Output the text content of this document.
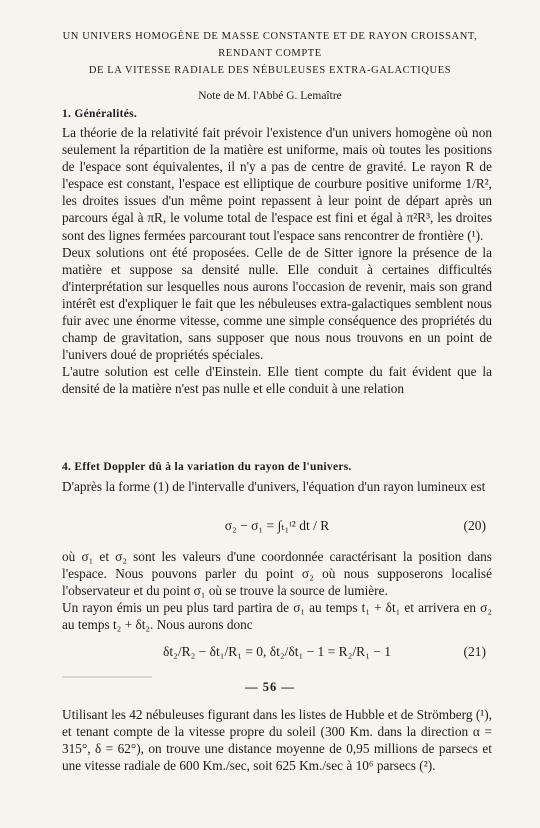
UN UNIVERS HOMOGÈNE DE MASSE CONSTANTE ET DE RAYON CROISSANT,
RENDANT COMPTE
DE LA VITESSE RADIALE DES NÉBULEUSES EXTRA-GALACTIQUES
Note de M. l'Abbé G. Lemaître
1. Généralités.

La théorie de la relativité fait prévoir l'existence d'un univers homogène où non seulement la répartition de la matière est uniforme, mais où toutes les positions de l'espace sont équivalentes, il n'y a pas de centre de gravité. Le rayon R de l'espace est constant, l'espace est elliptique de courbure positive uniforme 1/R², les droites issues d'un même point repassent à leur point de départ après un parcours égal à πR, le volume total de l'espace est fini et égal à π²R³, les droites sont des lignes fermées parcourant tout l'espace sans rencontrer de frontière (¹).

Deux solutions ont été proposées. Celle de de Sitter ignore la présence de la matière et suppose sa densité nulle. Elle conduit à certaines difficultés d'interprétation sur lesquelles nous aurons l'occasion de revenir, mais son grand intérêt est d'expliquer le fait que les nébuleuses extra-galactiques semblent nous fuir avec une énorme vitesse, comme une simple conséquence des propriétés du champ de gravitation, sans supposer que nous nous trouvons en un point de l'univers doué de propriétés spéciales.

L'autre solution est celle d'Einstein. Elle tient compte du fait évident que la densité de la matière n'est pas nulle et elle conduit à une relation

4. Effet Doppler dû à la variation du rayon de l'univers.

D'après la forme (1) de l'intervalle d'univers, l'équation d'un rayon lumineux est

σ₂ − σ₁ = ∫ₜ₁ᵗ² dt / R	(20)

où σ₁ et σ₂ sont les valeurs d'une coordonnée caractérisant la position dans l'espace. Nous pouvons parler du point σ₂ où nous supposerons localisé l'observateur et du point σ₁ où se trouve la source de lumière.

Un rayon émis un peu plus tard partira de σ₁ au temps t₁ + δt₁ et arrivera en σ₂ au temps t₂ + δt₂. Nous aurons donc

δt₂/R₂ − δt₁/R₁ = 0, δt₂/δt₁ − 1 = R₂/R₁ − 1	(21)
— 56 —

Utilisant les 42 nébuleuses figurant dans les listes de Hubble et de Strömberg (¹), et tenant compte de la vitesse propre du soleil (300 Km. dans la direction α = 315°, δ = 62°), on trouve une distance moyenne de 0,95 millions de parsecs et une vitesse radiale de 600 Km./sec, soit 625 Km./sec à 10⁶ parsecs (²).
